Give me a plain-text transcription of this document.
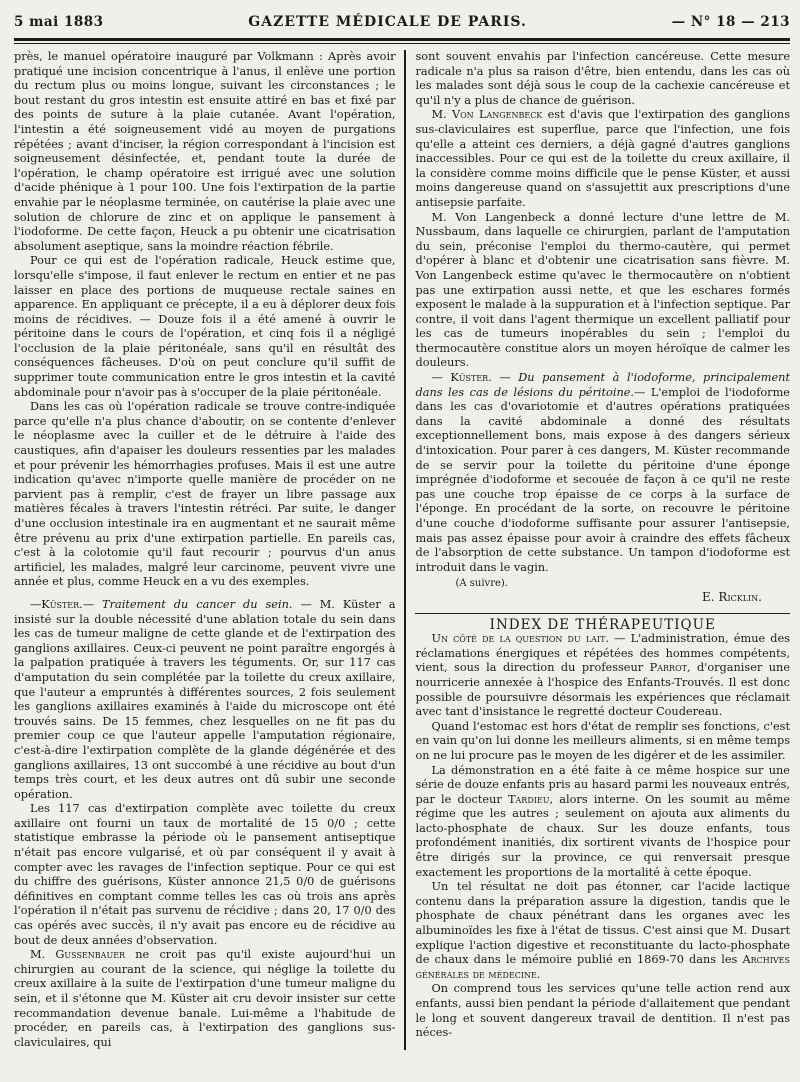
5 mai 1883	GAZETTE MÉDICALE DE PARIS.	— N° 18 — 213

près, le manuel opératoire inauguré par Volkmann : Après avoir pratiqué une incision concentrique à l'anus, il enlève une portion du rectum plus ou moins longue, suivant les circonstances ; le bout restant du gros intestin est ensuite attiré en bas et fixé par des points de suture à la plaie cutanée. Avant l'opération, l'intestin a été soigneusement vidé au moyen de purgations répétées ; avant d'inciser, la région correspondant à l'incision est soigneusement désinfectée, et, pendant toute la durée de l'opération, le champ opératoire est irrigué avec une solution d'acide phénique à 1 pour 100. Une fois l'extirpation de la partie envahie par le néoplasme terminée, on cautérise la plaie avec une solution de chlorure de zinc et on applique le pansement à l'iodoforme. De cette façon, Heuck a pu obtenir une cicatrisation absolument aseptique, sans la moindre réaction fébrile.

Pour ce qui est de l'opération radicale, Heuck estime que, lorsqu'elle s'impose, il faut enlever le rectum en entier et ne pas laisser en place des portions de muqueuse rectale saines en apparence. En appliquant ce précepte, il a eu à déplorer deux fois moins de récidives. — Douze fois il a été amené à ouvrir le péritoine dans le cours de l'opération, et cinq fois il a négligé l'occlusion de la plaie péritonéale, sans qu'il en résultât des conséquences fâcheuses. D'où on peut conclure qu'il suffit de supprimer toute communication entre le gros intestin et la cavité abdominale pour n'avoir pas à s'occuper de la plaie péritonéale.

Dans les cas où l'opération radicale se trouve contre-indiquée parce qu'elle n'a plus chance d'aboutir, on se contente d'enlever le néoplasme avec la cuiller et de le détruire à l'aide des caustiques, afin d'apaiser les douleurs ressenties par les malades et pour prévenir les hémorrhagies profuses. Mais il est une autre indication qu'avec n'importe quelle manière de procéder on ne parvient pas à remplir, c'est de frayer un libre passage aux matières fécales à travers l'intestin rétréci. Par suite, le danger d'une occlusion intestinale ira en augmentant et ne saurait même être prévenu au prix d'une extirpation partielle. En pareils cas, c'est à la colotomie qu'il faut recourir ; pourvus d'un anus artificiel, les malades, malgré leur carcinome, peuvent vivre une année et plus, comme Heuck en a vu des exemples.

—Küster.— Traitement du cancer du sein. — M. Küster a insisté sur la double nécessité d'une ablation totale du sein dans les cas de tumeur maligne de cette glande et de l'extirpation des ganglions axillaires. Ceux-ci peuvent ne point paraître engorgés à la palpation pratiquée à travers les téguments. Or, sur 117 cas d'amputation du sein complétée par la toilette du creux axillaire, que l'auteur a empruntés à différentes sources, 2 fois seulement les ganglions axillaires examinés à l'aide du microscope ont été trouvés sains. De 15 femmes, chez lesquelles on ne fit pas du premier coup ce que l'auteur appelle l'amputation régionaire, c'est-à-dire l'extirpation complète de la glande dégénérée et des ganglions axillaires, 13 ont succombé à une récidive au bout d'un temps très court, et les deux autres ont dû subir une seconde opération.

Les 117 cas d'extirpation complète avec toilette du creux axillaire ont fourni un taux de mortalité de 15 0/0 ; cette statistique embrasse la période où le pansement antiseptique n'était pas encore vulgarisé, et où par conséquent il y avait à compter avec les ravages de l'infection septique. Pour ce qui est du chiffre des guérisons, Küster annonce 21,5 0/0 de guérisons définitives en comptant comme telles les cas où trois ans après l'opération il n'était pas survenu de récidive ; dans 20, 17 0/0 des cas opérés avec succès, il n'y avait pas encore eu de récidive au bout de deux années d'observation.

M. Gussenbauer ne croit pas qu'il existe aujourd'hui un chirurgien au courant de la science, qui néglige la toilette du creux axillaire à la suite de l'extirpation d'une tumeur maligne du sein, et il s'étonne que M. Küster ait cru devoir insister sur cette recommandation devenue banale. Lui-même a l'habitude de procéder, en pareils cas, à l'extirpation des ganglions sus-claviculaires, qui

sont souvent envahis par l'infection cancéreuse. Cette mesure radicale n'a plus sa raison d'être, bien entendu, dans les cas où les malades sont déjà sous le coup de la cachexie cancéreuse et qu'il n'y a plus de chance de guérison.

M. Von Langenbeck est d'avis que l'extirpation des ganglions sus-claviculaires est superflue, parce que l'infection, une fois qu'elle a atteint ces derniers, a déjà gagné d'autres ganglions inaccessibles. Pour ce qui est de la toilette du creux axillaire, il la considère comme moins difficile que le pense Küster, et aussi moins dangereuse quand on s'assujettit aux prescriptions d'une antisepsie parfaite.

M. Von Langenbeck a donné lecture d'une lettre de M. Nussbaum, dans laquelle ce chirurgien, parlant de l'amputation du sein, préconise l'emploi du thermo-cautère, qui permet d'opérer à blanc et d'obtenir une cicatrisation sans fièvre. M. Von Langenbeck estime qu'avec le thermocautère on n'obtient pas une extirpation aussi nette, et que les eschares formés exposent le malade à la suppuration et à l'infection septique. Par contre, il voit dans l'agent thermique un excellent palliatif pour les cas de tumeurs inopérables du sein ; l'emploi du thermocautère constitue alors un moyen héroïque de calmer les douleurs.

— Küster. — Du pansement à l'iodoforme, principalement dans les cas de lésions du péritoine.— L'emploi de l'iodoforme dans les cas d'ovariotomie et d'autres opérations pratiquées dans la cavité abdominale a donné des résultats exceptionnellement bons, mais expose à des dangers sérieux d'intoxication. Pour parer à ces dangers, M. Küster recommande de se servir pour la toilette du péritoine d'une éponge imprégnée d'iodoforme et secouée de façon à ce qu'il ne reste pas une couche trop épaisse de ce corps à la surface de l'éponge. En procédant de la sorte, on recouvre le péritoine d'une couche d'iodoforme suffisante pour assurer l'antisepsie, mais pas assez épaisse pour avoir à craindre des effets fâcheux de l'absorption de cette substance. Un tampon d'iodoforme est introduit dans le vagin.

(A suivre).

E. Ricklin.

INDEX DE THÉRAPEUTIQUE

Un côté de la question du lait. — L'administration, émue des réclamations énergiques et répétées des hommes compétents, vient, sous la direction du professeur Parrot, d'organiser une nourricerie annexée à l'hospice des Enfants-Trouvés. Il est donc possible de poursuivre désormais les expériences que réclamait avec tant d'insistance le regretté docteur Coudereau.

Quand l'estomac est hors d'état de remplir ses fonctions, c'est en vain qu'on lui donne les meilleurs aliments, si en même temps on ne lui procure pas le moyen de les digérer et de les assimiler.

La démonstration en a été faite à ce même hospice sur une série de douze enfants pris au hasard parmi les nouveaux entrés, par le docteur Tardieu, alors interne. On les soumit au même régime que les autres ; seulement on ajouta aux aliments du lacto-phosphate de chaux. Sur les douze enfants, tous profondément inanitiés, dix sortirent vivants de l'hospice pour être dirigés sur la province, ce qui renversait presque exactement les proportions de la mortalité à cette époque.

Un tel résultat ne doit pas étonner, car l'acide lactique contenu dans la préparation assure la digestion, tandis que le phosphate de chaux pénétrant dans les organes avec les albuminoïdes les fixe à l'état de tissus. C'est ainsi que M. Dusart explique l'action digestive et reconstituante du lacto-phosphate de chaux dans le mémoire publié en 1869-70 dans les Archives générales de médecine.

On comprend tous les services qu'une telle action rend aux enfants, aussi bien pendant la période d'allaitement que pendant le long et souvent dangereux travail de dentition. Il n'est pas néces-
